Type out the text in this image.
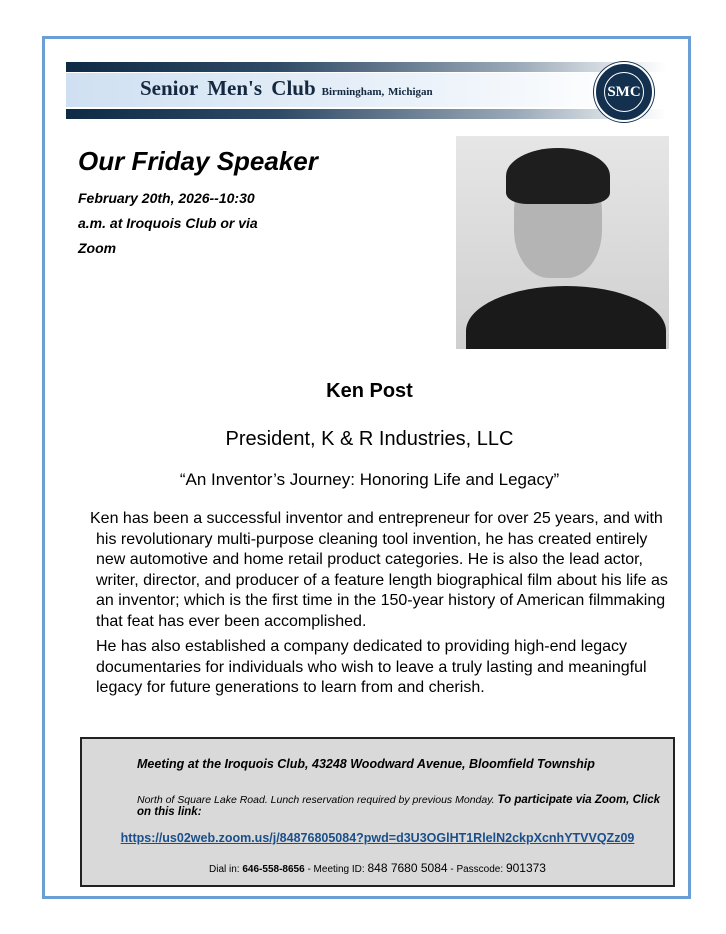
Senior Men's Club Birmingham, Michigan	SMC
Our Friday Speaker
February 20th, 2026--10:30
a.m. at Iroquois Club or via
Zoom
Ken Post
President, K & R Industries, LLC
“An Inventor’s Journey: Honoring Life and Legacy”
Ken has been a successful inventor and entrepreneur for over 25 years, and with his revolutionary multi-purpose cleaning tool invention, he has created entirely new automotive and home retail product categories. He is also the lead actor, writer, director, and producer of a feature length biographical film about his life as an inventor; which is the first time in the 150-year history of American filmmaking that feat has ever been accomplished.
He has also established a company dedicated to providing high-end legacy documentaries for individuals who wish to leave a truly lasting and meaningful legacy for future generations to learn from and cherish.
Meeting at the Iroquois Club, 43248 Woodward Avenue, Bloomfield Township
North of Square Lake Road. Lunch reservation required by previous Monday. To participate via Zoom, Click on this link:
https://us02web.zoom.us/j/84876805084?pwd=d3U3OGlHT1RlelN2ckpXcnhYTVVQZz09
Dial in: 646-558-8656 - Meeting ID: 848 7680 5084 - Passcode: 901373
